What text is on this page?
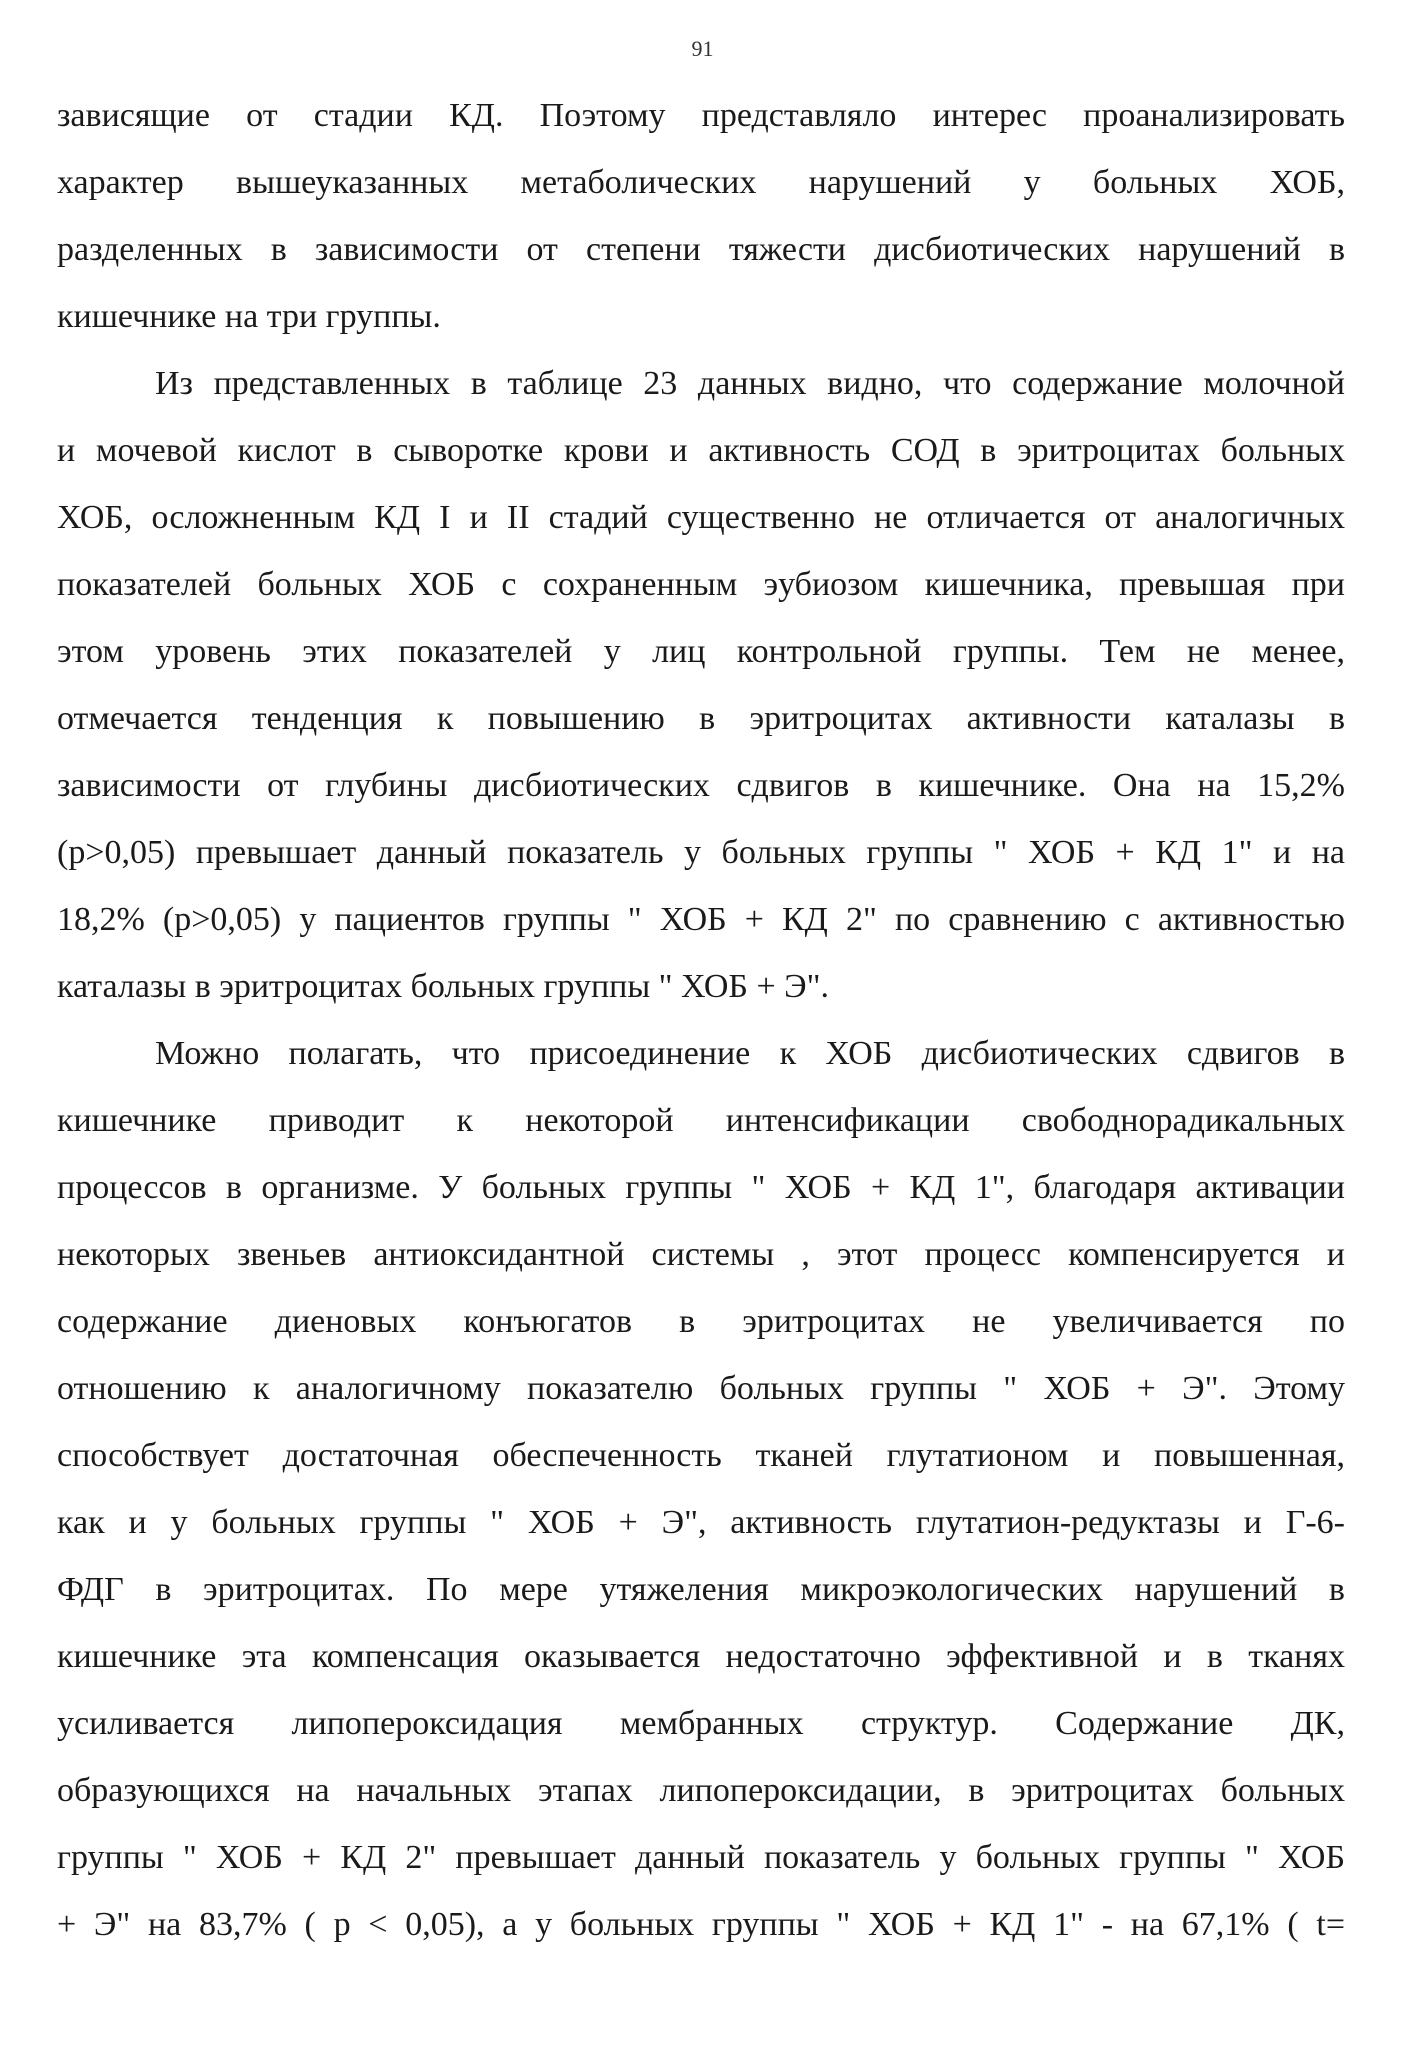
91
зависящие от стадии КД. Поэтому представляло интерес проанализировать
характер вышеуказанных метаболических нарушений у больных ХОБ,
разделенных в зависимости от степени тяжести дисбиотических нарушений в
кишечнике на три группы.
Из представленных в таблице 23 данных видно, что содержание молочной
и мочевой кислот в сыворотке крови и активность СОД в эритроцитах больных
ХОБ, осложненным КД I и II стадий существенно не отличается от аналогичных
показателей больных ХОБ с сохраненным эубиозом кишечника, превышая при
этом уровень этих показателей у лиц контрольной группы. Тем не менее,
отмечается тенденция к повышению в эритроцитах активности каталазы в
зависимости от глубины дисбиотических сдвигов в кишечнике. Она на 15,2%
(p>0,05) превышает данный показатель у больных группы " ХОБ + КД 1" и на
18,2% (p>0,05) у пациентов группы " ХОБ + КД 2" по сравнению с активностью
каталазы в эритроцитах больных группы " ХОБ + Э".
Можно полагать, что присоединение к ХОБ дисбиотических сдвигов в
кишечнике приводит к некоторой интенсификации свободнорадикальных
процессов в организме. У больных группы " ХОБ + КД 1", благодаря активации
некоторых звеньев антиоксидантной системы , этот процесс компенсируется и
содержание диеновых конъюгатов в эритроцитах не увеличивается по
отношению к аналогичному показателю больных группы " ХОБ + Э". Этому
способствует достаточная обеспеченность тканей глутатионом и повышенная,
как и у больных группы " ХОБ + Э", активность глутатион-редуктазы и Г-6-
ФДГ в эритроцитах. По мере утяжеления микроэкологических нарушений в
кишечнике эта компенсация оказывается недостаточно эффективной и в тканях
усиливается липопероксидация мембранных структур. Содержание ДК,
образующихся на начальных этапах липопероксидации, в эритроцитах больных
группы " ХОБ + КД 2" превышает данный показатель у больных группы " ХОБ
+ Э" на 83,7% ( p < 0,05), а у больных группы " ХОБ + КД 1" - на 67,1% ( t=
